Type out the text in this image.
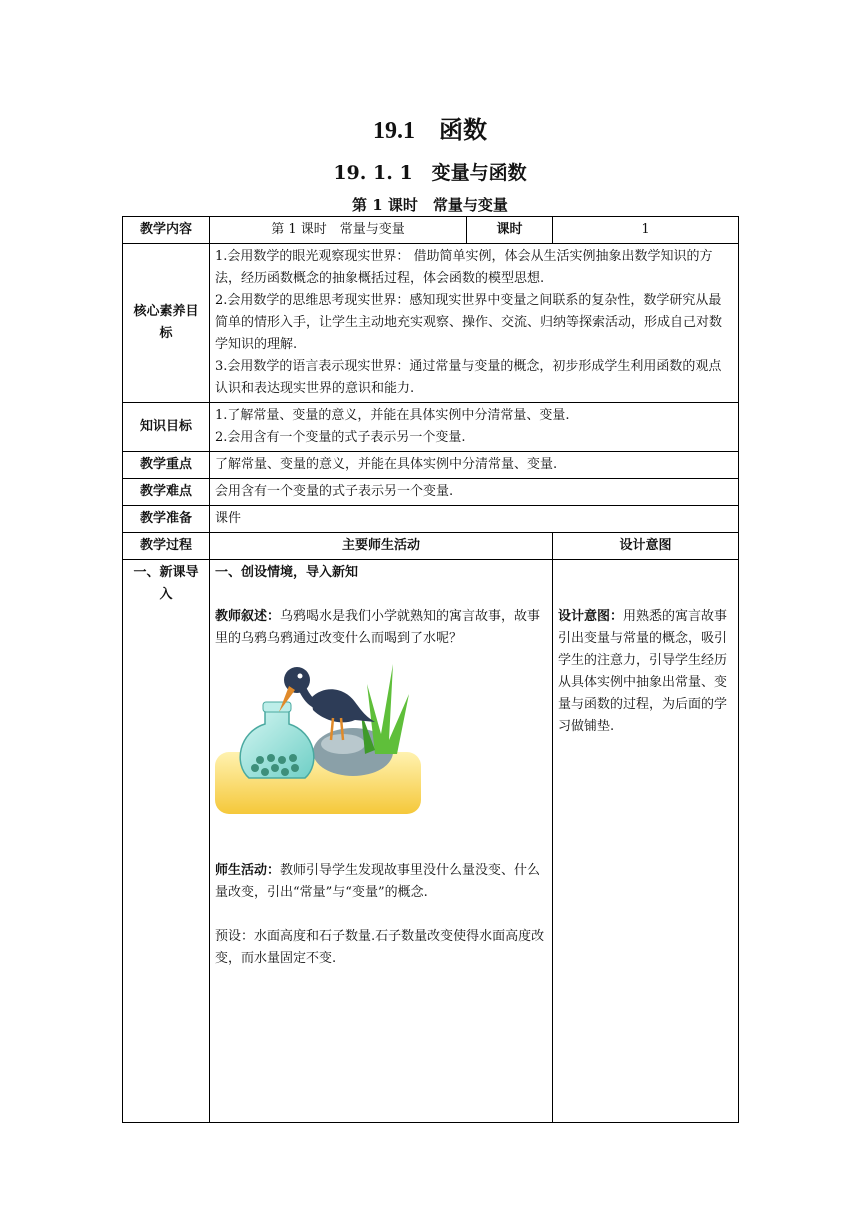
19.1　函数
19. 1. 1　变量与函数
第 1 课时　常量与变量
教学内容	第 1 课时　常量与变量	课时	1
核心素养目标	1.会用数学的眼光观察现实世界： 借助简单实例，体会从生活实例抽象出数学知识的方法，经历函数概念的抽象概括过程，体会函数的模型思想.

2.会用数学的思维思考现实世界：感知现实世界中变量之间联系的复杂性，数学研究从最简单的情形入手，让学生主动地充实观察、操作、交流、归纳等探索活动，形成自己对数学知识的理解.

3.会用数学的语言表示现实世界：通过常量与变量的概念，初步形成学生利用函数的观点认识和表达现实世界的意识和能力.		

知识目标	1.了解常量、变量的意义，并能在具体实例中分清常量、变量.

2.会用含有一个变量的式子表示另一个变量.		

教学重点	了解常量、变量的意义，并能在具体实例中分清常量、变量.		
教学难点	会用含有一个变量的式子表示另一个变量.		
教学准备	课件		
教学过程	主要师生活动		设计意图
一、新课导入	一、创设情境，导入新知

教师叙述：乌鸦喝水是我们小学就熟知的寓言故事，故事里的乌鸦乌鸦通过改变什么而喝到了水呢？

师生活动：教师引导学生发现故事里没什么量没变、什么量改变，引出“常量”与“变量”的概念.

预设：水面高度和石子数量.石子数量改变使得水面高度改变，而水量固定不变.		设计意图：用熟悉的寓言故事引出变量与常量的概念，吸引学生的注意力，引导学生经历从具体实例中抽象出常量、变量与函数的过程，为后面的学习做铺垫.
